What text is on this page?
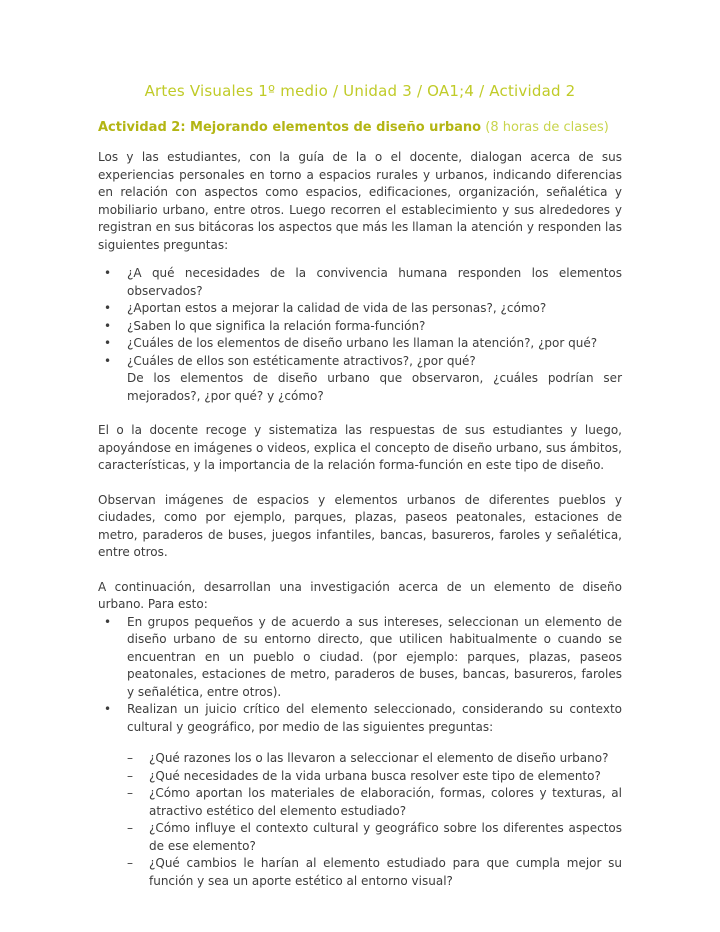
Artes Visuales 1º medio / Unidad 3 / OA1;4 / Actividad 2
Actividad 2: Mejorando elementos de diseño urbano (8 horas de clases)

Los y las estudiantes, con la guía de la o el docente, dialogan acerca de sus experiencias personales en torno a espacios rurales y urbanos, indicando diferencias en relación con aspectos como espacios, edificaciones, organización, señalética y mobiliario urbano, entre otros. Luego recorren el establecimiento y sus alrededores y registran en sus bitácoras los aspectos que más les llaman la atención y responden las siguientes preguntas:

• ¿A qué necesidades de la convivencia humana responden los elementos observados?
• ¿Aportan estos a mejorar la calidad de vida de las personas?, ¿cómo?
• ¿Saben lo que significa la relación forma-función?
• ¿Cuáles de los elementos de diseño urbano les llaman la atención?, ¿por qué?
• ¿Cuáles de ellos son estéticamente atractivos?, ¿por qué?
De los elementos de diseño urbano que observaron, ¿cuáles podrían ser mejorados?, ¿por qué? y ¿cómo?

El o la docente recoge y sistematiza las respuestas de sus estudiantes y luego, apoyándose en imágenes o videos, explica el concepto de diseño urbano, sus ámbitos, características, y la importancia de la relación forma-función en este tipo de diseño.

Observan imágenes de espacios y elementos urbanos de diferentes pueblos y ciudades, como por ejemplo, parques, plazas, paseos peatonales, estaciones de metro, paraderos de buses, juegos infantiles, bancas, basureros, faroles y señalética, entre otros.

A continuación, desarrollan una investigación acerca de un elemento de diseño urbano. Para esto:

• En grupos pequeños y de acuerdo a sus intereses, seleccionan un elemento de diseño urbano de su entorno directo, que utilicen habitualmente o cuando se encuentran en un pueblo o ciudad. (por ejemplo: parques, plazas, paseos peatonales, estaciones de metro, paraderos de buses, bancas, basureros, faroles y señalética, entre otros).
• Realizan un juicio crítico del elemento seleccionado, considerando su contexto cultural y geográfico, por medio de las siguientes preguntas:
– ¿Qué razones los o las llevaron a seleccionar el elemento de diseño urbano?
– ¿Qué necesidades de la vida urbana busca resolver este tipo de elemento?
– ¿Cómo aportan los materiales de elaboración, formas, colores y texturas, al atractivo estético del elemento estudiado?
– ¿Cómo influye el contexto cultural y geográfico sobre los diferentes aspectos de ese elemento?
– ¿Qué cambios le harían al elemento estudiado para que cumpla mejor su función y sea un aporte estético al entorno visual?
